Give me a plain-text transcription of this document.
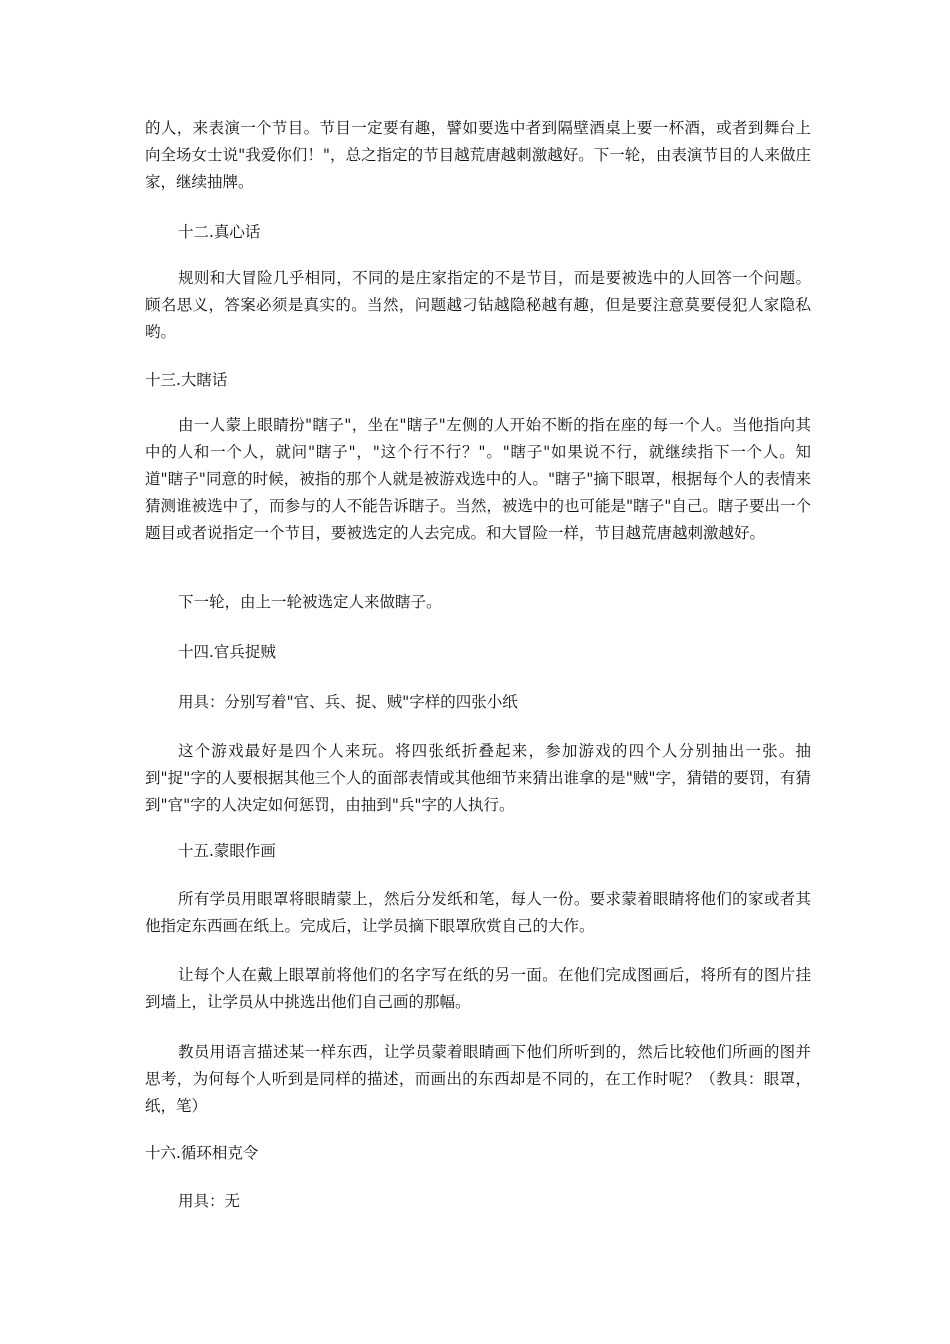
的人，来表演一个节目。节目一定要有趣，譬如要选中者到隔壁酒桌上要一杯酒，或者到舞台上向全场女士说"我爱你们！"，总之指定的节目越荒唐越刺激越好。下一轮，由表演节目的人来做庄家，继续抽牌。

十二.真心话

规则和大冒险几乎相同，不同的是庄家指定的不是节目，而是要被选中的人回答一个问题。顾名思义，答案必须是真实的。当然，问题越刁钻越隐秘越有趣，但是要注意莫要侵犯人家隐私哟。

十三.大瞎话

由一人蒙上眼睛扮"瞎子"，坐在"瞎子"左侧的人开始不断的指在座的每一个人。当他指向其中的人和一个人，就问"瞎子"，"这个行不行？"。"瞎子"如果说不行，就继续指下一个人。知道"瞎子"同意的时候，被指的那个人就是被游戏选中的人。"瞎子"摘下眼罩，根据每个人的表情来猜测谁被选中了，而参与的人不能告诉瞎子。当然，被选中的也可能是"瞎子"自己。瞎子要出一个题目或者说指定一个节目，要被选定的人去完成。和大冒险一样，节目越荒唐越刺激越好。

下一轮，由上一轮被选定人来做瞎子。

十四.官兵捉贼

用具：分别写着"官、兵、捉、贼"字样的四张小纸

这个游戏最好是四个人来玩。将四张纸折叠起来，参加游戏的四个人分别抽出一张。抽到"捉"字的人要根据其他三个人的面部表情或其他细节来猜出谁拿的是"贼"字，猜错的要罚，有猜到"官"字的人决定如何惩罚，由抽到"兵"字的人执行。

十五.蒙眼作画

所有学员用眼罩将眼睛蒙上，然后分发纸和笔，每人一份。要求蒙着眼睛将他们的家或者其他指定东西画在纸上。完成后，让学员摘下眼罩欣赏自己的大作。

让每个人在戴上眼罩前将他们的名字写在纸的另一面。在他们完成图画后，将所有的图片挂到墙上，让学员从中挑选出他们自己画的那幅。

教员用语言描述某一样东西，让学员蒙着眼睛画下他们所听到的，然后比较他们所画的图并思考，为何每个人听到是同样的描述，而画出的东西却是不同的，在工作时呢？（教具：眼罩，纸，笔）

十六.循环相克令

用具：无
